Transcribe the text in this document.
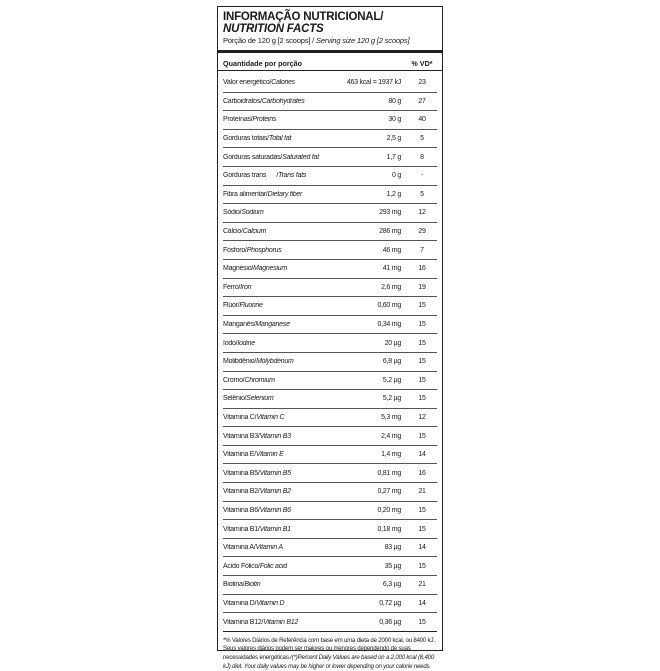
INFORMAÇÃO NUTRICIONAL/
NUTRITION FACTS
Porção de 120 g [2 scoops] / Serving size 120 g [2 scoops]
Quantidade por porção	% VD*
Valor energético/Calories	463 kcal = 1937 kJ	23
Carboidratos/Carbohydrates	80 g	27
Proteínas/Proteins	30 g	40
Gorduras totais/Total fat	2,5 g	5
Gorduras saturadas/Saturated fat	1,7 g	8
Gorduras trans      /Trans fats	0 g	-
Fibra alimentar/Dietary fiber	1,2 g	5
Sódio/Sodium	293 mg	12
Cálcio/Calcium	286 mg	29
Fósforo/Phosphorus	46 mg	7
Magnésio/Magnesium	41 mg	16
Ferro/Iron	2,6 mg	19
Flúor/Fluorine	0,60 mg	15
Manganês/Manganese	0,34 mg	15
Iodo/Iodine	20 µg	15
Molibdênio/Molybdenum	6,8 µg	15
Cromo/Chromium	5,2 µg	15
Selênio/Selenium	5,2 µg	15
Vitamina C/Vitamin C	5,3 mg	12
Vitamina B3/Vitamin B3	2,4 mg	15
Vitamina E/Vitamin E	1,4 mg	14
Vitamina B5/Vitamin B5	0,81 mg	16
Vitamina B2/Vitamin B2	0,27 mg	21
Vitamina B6/Vitamin B6	0,20 mg	15
Vitamina B1/Vitamin B1	0,18 mg	15
Vitamina A/Vitamin A	83 µg	14
Ácido Fólico/Folic acid	35 µg	15
Biotina/Biotin	6,3 µg	21
Vitamina D/Vitamin D	0,72 µg	14
Vitamina B12/Vitamin B12	0,36 µg	15
*% Valores Diários de Referência com base em uma dieta de 2000 kcal, ou 8400 kJ. Seus valores diários podem ser maiores ou menores dependendo de suas necessidades energéticas./(*)Percent Daily Values are based on a 2,000 kcal (8,400 kJ) diet. Your daily values may be higher or lower depending on your calorie needs.
